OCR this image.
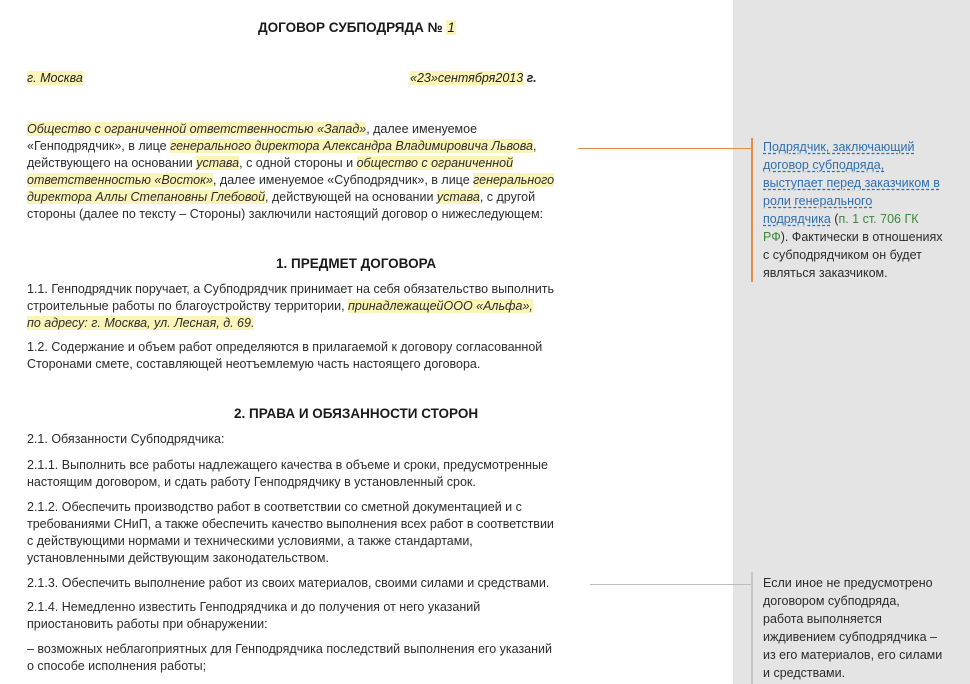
ДОГОВОР СУБПОДРЯДА № 1
г. Москва	«23»сентября2013 г.
Общество с ограниченной ответственностью «Запад», далее именуемое
«Генподрядчик», в лице генерального директора Александра Владимировича Львова,
действующего на основании устава, с одной стороны и общество с ограниченной
ответственностью «Восток», далее именуемое «Субподрядчик», в лице генерального
директора Аллы Степановны Глебовой, действующей на основании устава, с другой
стороны (далее по тексту – Стороны) заключили настоящий договор о нижеследующем:
1. ПРЕДМЕТ ДОГОВОРА
1.1. Генподрядчик поручает, а Субподрядчик принимает на себя обязательство выполнить
строительные работы по благоустройству территории, принадлежащейООО «Альфа»,
по адресу: г. Москва, ул. Лесная, д. 69.
1.2. Содержание и объем работ определяются в прилагаемой к договору согласованной
Сторонами смете, составляющей неотъемлемую часть настоящего договора.
2. ПРАВА И ОБЯЗАННОСТИ СТОРОН
2.1. Обязанности Субподрядчика:
2.1.1. Выполнить все работы надлежащего качества в объеме и сроки, предусмотренные
настоящим договором, и сдать работу Генподрядчику в установленный срок.
2.1.2. Обеспечить производство работ в соответствии со сметной документацией и с
требованиями СНиП, а также обеспечить качество выполнения всех работ в соответствии
с действующими нормами и техническими условиями, а также стандартами,
установленными действующим законодательством.
2.1.3. Обеспечить выполнение работ из своих материалов, своими силами и средствами.
2.1.4. Немедленно известить Генподрядчика и до получения от него указаний
приостановить работы при обнаружении:
– возможных неблагоприятных для Генподрядчика последствий выполнения его указаний
о способе исполнения работы;
Подрядчик, заключающий
договор субподряда,
выступает перед заказчиком в
роли генерального
подрядчика (п. 1 ст. 706 ГК
РФ). Фактически в отношениях
с субподрядчиком он будет
являться заказчиком.
Если иное не предусмотрено
договором субподряда,
работа выполняется
иждивением субподрядчика –
из его материалов, его силами
и средствами.
